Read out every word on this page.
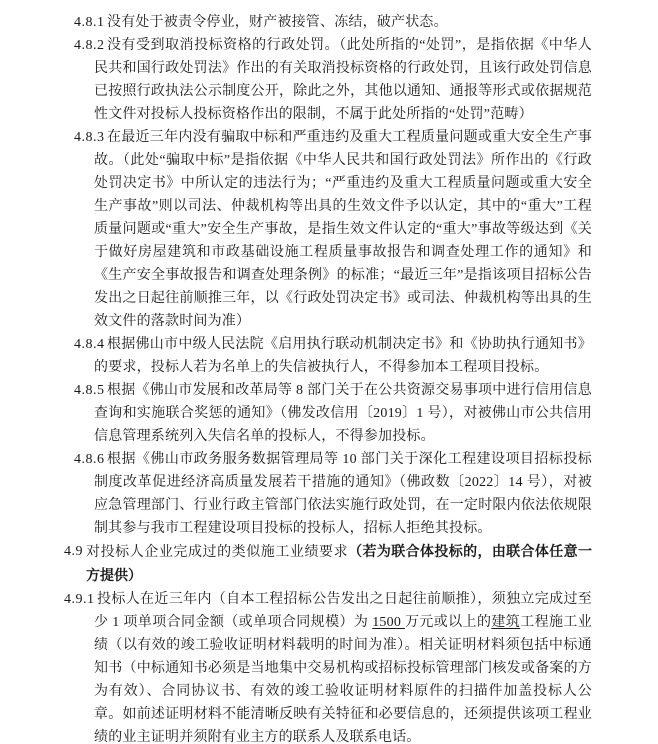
4.8.1 没有处于被责令停业，财产被接管、冻结，破产状态。
4.8.2 没有受到取消投标资格的行政处罚。（此处所指的“处罚”，是指依据《中华人民共和国行政处罚法》作出的有关取消投标资格的行政处罚，且该行政处罚信息已按照行政执法公示制度公开，除此之外，其他以通知、通报等形式或依据规范性文件对投标人投标资格作出的限制，不属于此处所指的“处罚”范畴）
4.8.3 在最近三年内没有骗取中标和严重违约及重大工程质量问题或重大安全生产事故。（此处“骗取中标”是指依据《中华人民共和国行政处罚法》所作出的《行政处罚决定书》中所认定的违法行为；“严重违约及重大工程质量问题或重大安全生产事故”则以司法、仲裁机构等出具的生效文件予以认定，其中的“重大”工程质量问题或“重大”安全生产事故，是指生效文件认定的“重大”事故等级达到《关于做好房屋建筑和市政基础设施工程质量事故报告和调查处理工作的通知》和《生产安全事故报告和调查处理条例》的标准；“最近三年”是指该项目招标公告发出之日起往前顺推三年，以《行政处罚决定书》或司法、仲裁机构等出具的生效文件的落款时间为准）
4.8.4 根据佛山市中级人民法院《启用执行联动机制决定书》和《协助执行通知书》的要求，投标人若为名单上的失信被执行人，不得参加本工程项目投标。
4.8.5 根据《佛山市发展和改革局等 8 部门关于在公共资源交易事项中进行信用信息查询和实施联合奖惩的通知》（佛发改信用〔2019〕1 号），对被佛山市公共信用信息管理系统列入失信名单的投标人，不得参加投标。
4.8.6 根据《佛山市政务服务数据管理局等 10 部门关于深化工程建设项目招标投标制度改革促进经济高质量发展若干措施的通知》（佛政数〔2022〕14 号），对被应急管理部门、行业行政主管部门依法实施行政处罚，在一定时限内依法依规限制其参与我市工程建设项目投标的投标人，招标人拒绝其投标。
4.9 对投标人企业完成过的类似施工业绩要求（若为联合体投标的，由联合体任意一方提供）
4.9.1 投标人在近三年内（自本工程招标公告发出之日起往前顺推），须独立完成过至少 1 项单项合同金额（或单项合同规模）为 1500 万元或以上的建筑工程施工业绩（以有效的竣工验收证明材料载明的时间为准）。相关证明材料须包括中标通知书（中标通知书必须是当地集中交易机构或招标投标管理部门核发或备案的方为有效）、合同协议书、有效的竣工验收证明材料原件的扫描件加盖投标人公章。如前述证明材料不能清晰反映有关特征和必要信息的，还须提供该项工程业绩的业主证明并须附有业主方的联系人及联系电话。
